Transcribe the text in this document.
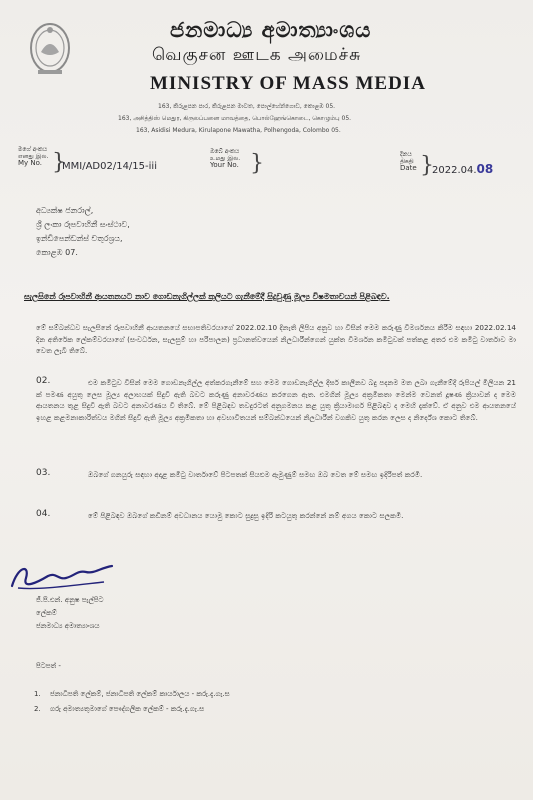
ජනමාධ්‍ය අමාත්‍යාංශය
வெகுசன ஊடக அமைச்சு
MINISTRY OF MASS MEDIA
163, කිරුළපන පාර, කිරුළපන මාවත, පොල්හේන්ගොඩ, කොළඹ 05.
163, அசித்திஸ் மெதுர, கிருலப்பனை மாவத்தை, பொல்ஹேங்கொடை, கொழும்பு 05.
163, Asidisi Medura, Kirulapone Mawatha, Polhengoda, Colombo 05.
මගේ අංකය
எனது இல.
My No. }
MMI/AD02/14/15-iii
ඔබේ අංකය
உமது இல.
Your No. }	දිනය
திகதி
Date }
2022.04.08
අධ්‍යක්ෂ ජනරාල්,
ශ්‍රී ලංකා රූපවාහිනී සංස්ථාව,
ඉන්ඩිපෙන්ඩන්ස් චතුරශ්‍රය,
කොළඹ 07.
සැලසිනේ රූපවාහිනී ආයතනයට නාව ගොඩනැගිල්ලක් කුලියට ගැනීමේදී සිදුවුණු මූල්‍ය විෂමතාවයන් පිළිබඳව.
මේ සම්බන්ධව සැලසිනේ රූපවාහිනී ආයතනයේ සභාපතිවරයාගේ 2022.02.10 දිනැති ලිපිය අනුව හා විසින් මෙම කරුණු විමර්ශනය කිරීම සඳහා 2022.02.14 දින අතිරේක ලේකම්වරයාගේ (සංවර්ධන, සැලසුම් හා පරිපාලන) ප්‍රධානත්වයෙන් නිලධාරීන්ගෙන් යුක්ත විමර්ශන කමිටුවක් පත්කළ අතර එම කමිටු වාර්තාව මා වෙත ලැබී තිබේ.
02.	එම කමිටුව විසින් මෙම ගොඩනැගිල්ල අත්කරගැනීමේ සහ මෙම ගොඩනැගිල්ල දීර්ඝ කාලීනව බදු පදනම මත ලබා ගැනීමේදී රුපියල් මිලියන 21 ක් පමණ අයුතු ලෙස මූල්‍ය අලාභයක් සිදුවී ඇති බවට කරුණු අනාවරණය කරගෙන ඇත. එමගින් මූල්‍ය අක්‍රමිකතා මෙන්ම වෙනත් දූෂණ ක්‍රියාවන් ද මෙම ආයතනය තුළ සිදුවී ඇති බවට අනාවරණය වී තිබේ. මේ පිළිබඳව තවදුරටත් අනුගමනය කළ යුතු ක්‍රියාමාර්ග පිළිබඳව ද මෙහි දැක්වේ. ඒ අනුව එම ආයතනයේ ඉහළ කළමනාකාරිත්වය මගින් සිදුවී ඇති මූල්‍ය අක්‍රමිකතා හා අවභාවිතයන් සම්බන්ධයෙන් නිලධාරීන් වගකිව යුතු කරන ලෙස ද නිර්දේශ කොට තිබේ.
03.	ඔබගේ ගනයුරු සඳහා අදාළ කමිටු වාර්තාවේ පිටපතක් සියළුම ඇමුණුම් සමඟ ඔබ වෙත මේ සමඟ ඉදිරිපත් කරමි.
04.	මේ පිළිබඳව ඔබගේ කඩිනම් අවධානය යොමු කොට සුදුසු ඉදිරි කටයුතු කරන්නේ නම් අගය කොට සලකමි.
ජී.පී.එන්. අනුෂ පැල්පිට
ලේකම්
ජනමාධ්‍ය අමාත්‍යාංශය
පිටපත් -
1. ජනාධිපති ලේකම්, ජනාධිපති ලේකම් කාර්යාලය - කරු.දැ.ගැ.ස
2. ගරු අමාත්‍යතුමාගේ පෞද්ගලික ලේකම් - කරු.දැ.ගැ.ස
